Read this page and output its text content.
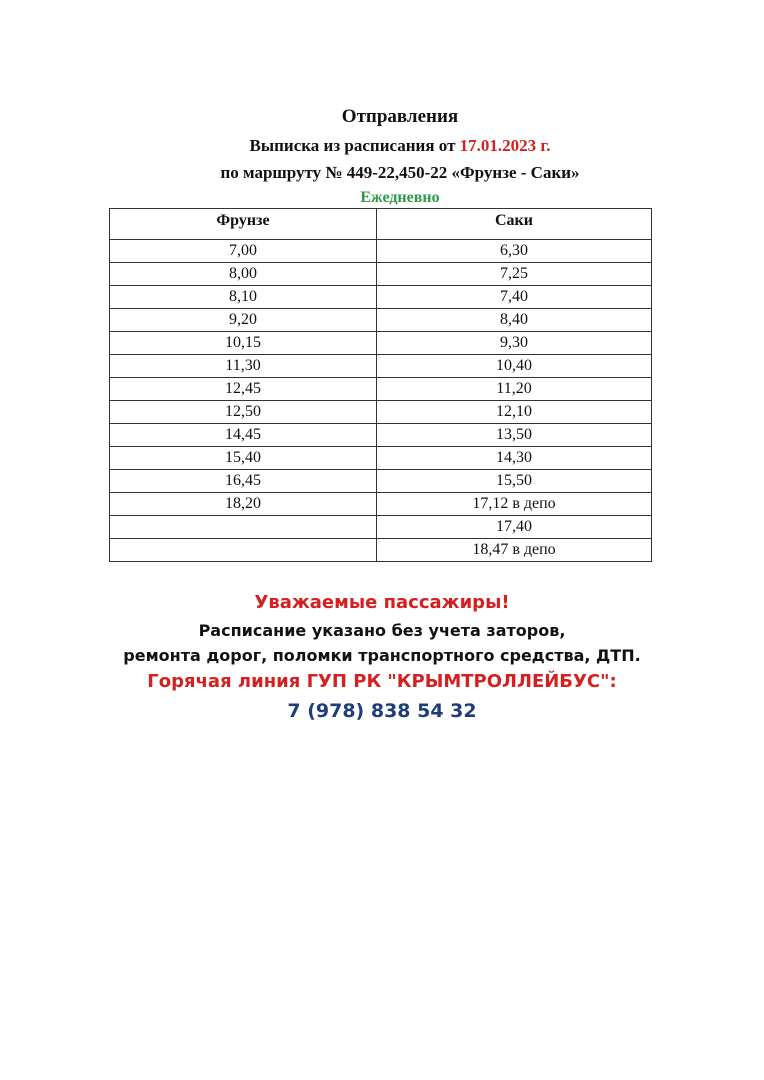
Отправления
Выписка из расписания от 17.01.2023 г.
по маршруту № 449-22,450-22 «Фрунзе - Саки»
Ежедневно
Фрунзе	Саки
7,00	6,30
8,00	7,25
8,10	7,40
9,20	8,40
10,15	9,30
11,30	10,40
12,45	11,20
12,50	12,10
14,45	13,50
15,40	14,30
16,45	15,50
18,20	17,12 в депо
	17,40
	18,47 в депо
Уважаемые пассажиры!
Расписание указано без учета заторов,
ремонта дорог, поломки транспортного средства, ДТП.
Горячая линия ГУП РК "КРЫМТРОЛЛЕЙБУС":
7 (978) 838 54 32
